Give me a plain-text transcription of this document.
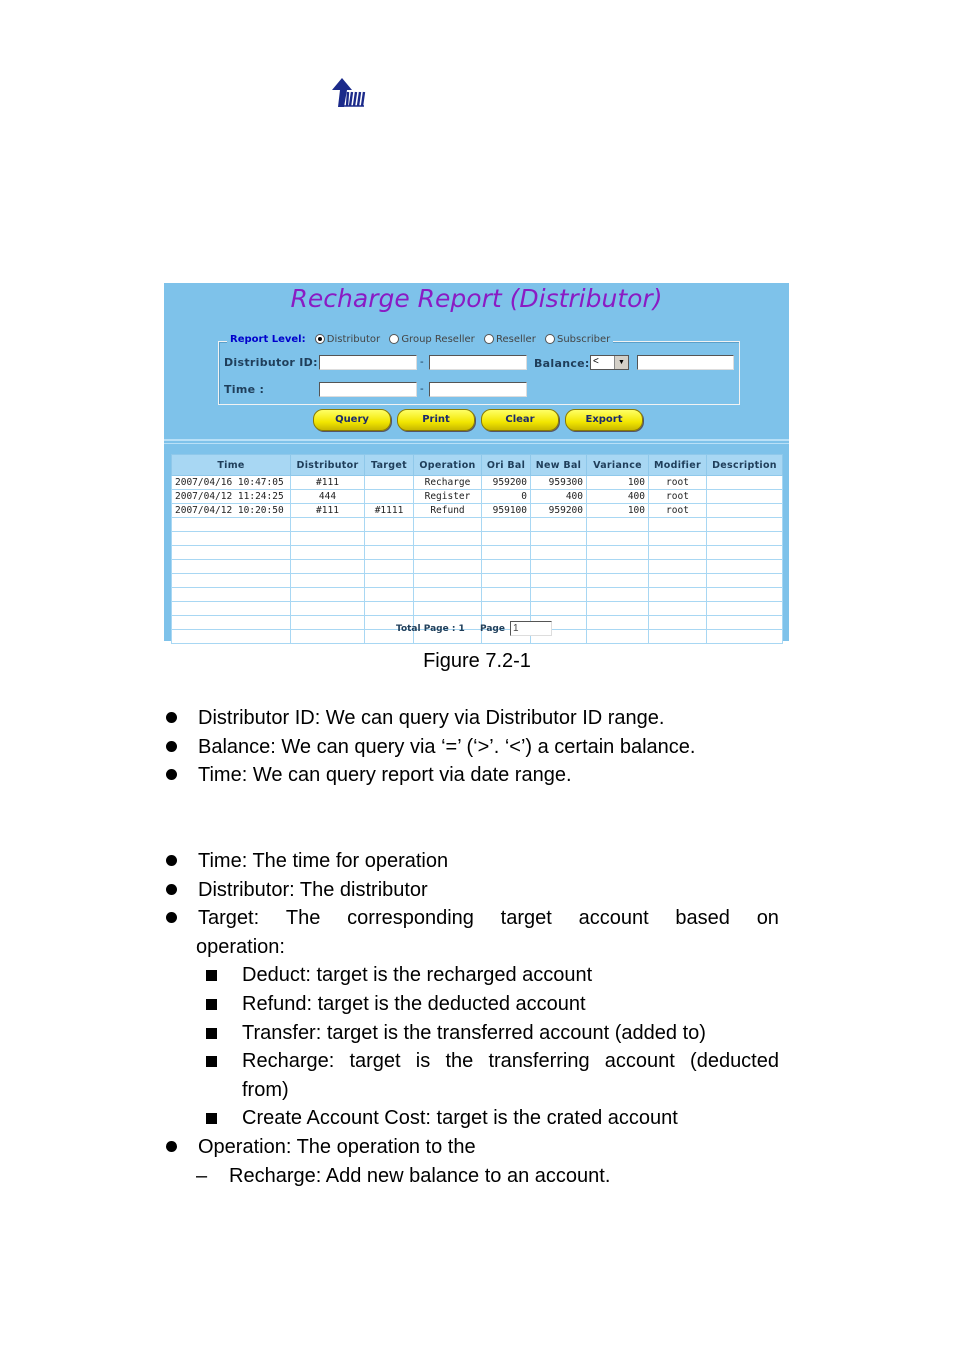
Recharge Report (Distributor)
Report Level: Distributor Group Reseller Reseller Subscriber
Distributor ID:	-	Balance: <	▼
Time :	-
Query	Print	Clear	Export
Time	Distributor	Target	Operation	Ori Bal	New Bal	Variance	Modifier	Description
2007/04/16 10:47:05	#111		Recharge	959200	959300	100	root	
2007/04/12 11:24:25	444		Register	0	400	400	root	
2007/04/12 10:20:50	#111	#1111	Refund	959100	959200	100	root	

Total Page : 1 Page 1
Figure 7.2-1
Distributor ID: We can query via Distributor ID range.
Balance: We can query via ‘=’ (‘>’. ‘<’) a certain balance.
Time: We can query report via date range.
Time: The time for operation
Distributor: The distributor
Target: The corresponding target account based on
operation:
Deduct: target is the recharged account
Refund: target is the deducted account
Transfer: target is the transferred account (added to)
Recharge: target is the transferring account (deducted
from)
Create Account Cost: target is the crated account
Operation: The operation to the
– Recharge: Add new balance to an account.
